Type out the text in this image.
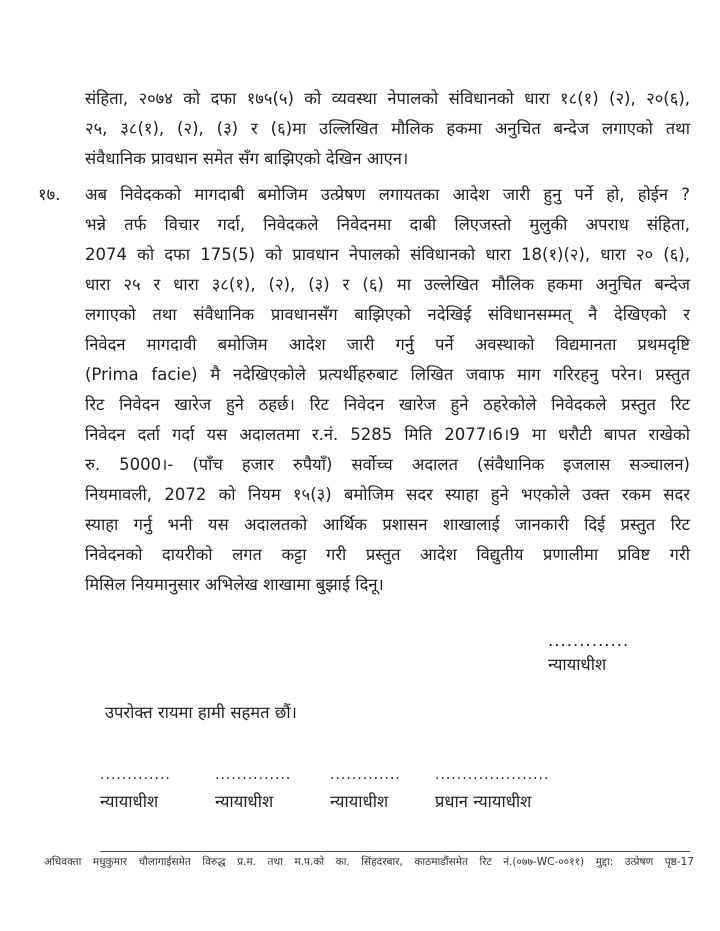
संहिता, २०७४ को दफा १७५(५) को व्यवस्था नेपालको संविधानको धारा १८(१) (२), २०(६),
२५, ३८(१), (२), (३) र (६)मा उल्लिखित मौलिक हकमा अनुचित बन्देज लगाएको तथा
संवैधानिक प्रावधान समेत सँग बाझिएको देखिन आएन।
१७. अब निवेदकको मागदाबी बमोजिम उत्प्रेषण लगायतका आदेश जारी हुनु पर्ने हो, होईन ?
भन्ने तर्फ विचार गर्दा, निवेदकले निवेदनमा दाबी लिएजस्तो मुलुकी अपराध संहिता,
2074 को दफा 175(5) को प्रावधान नेपालको संविधानको धारा 18(१)(२), धारा २० (६),
धारा २५ र धारा ३८(१), (२), (३) र (६) मा उल्लेखित मौलिक हकमा अनुचित बन्देज
लगाएको तथा संवैधानिक प्रावधानसँग बाझिएको नदेखिई संविधानसम्मत् नै देखिएको र
निवेदन मागदावी बमोजिम आदेश जारी गर्नु पर्ने अवस्थाको विद्यमानता प्रथमदृष्टि
(Prima facie) मै नदेखिएकोले प्रत्यर्थीहरुबाट लिखित जवाफ माग गरिरहनु परेन। प्रस्तुत
रिट निवेदन खारेज हुने ठहर्छ। रिट निवेदन खारेज हुने ठहरेकोले निवेदकले प्रस्तुत रिट
निवेदन दर्ता गर्दा यस अदालतमा र.नं. 5285 मिति 2077।6।9 मा धरौटी बापत राखेको
रु. 5000।- (पाँच हजार रुपैयाँ) सर्वोच्च अदालत (संवैधानिक इजलास सञ्चालन)
नियमावली, 2072 को नियम १५(३) बमोजिम सदर स्याहा हुने भएकोले उक्त रकम सदर
स्याहा गर्नु भनी यस अदालतको आर्थिक प्रशासन शाखालाई जानकारी दिई प्रस्तुत रिट
निवेदनको दायरीको लगत कट्टा गरी प्रस्तुत आदेश विद्युतीय प्रणालीमा प्रविष्ट गरी
मिसिल नियमानुसार अभिलेख शाखामा बुझाई दिनू।
.............
न्यायाधीश
उपरोक्त रायमा हामी सहमत छौं।
.............
न्यायाधीश
..............
न्यायाधीश
.............
न्यायाधीश
.....................
प्रधान न्यायाधीश
अधिवक्ता मधुकुमार चौलागाईसमेत विरुद्ध प्र.म. तथा म.प.को का. सिंहदरबार, काठमाडौंसमेत रिट नं.(०७७-WC-००११) मुद्दा: उत्प्रेषण पृष्ठ-17
